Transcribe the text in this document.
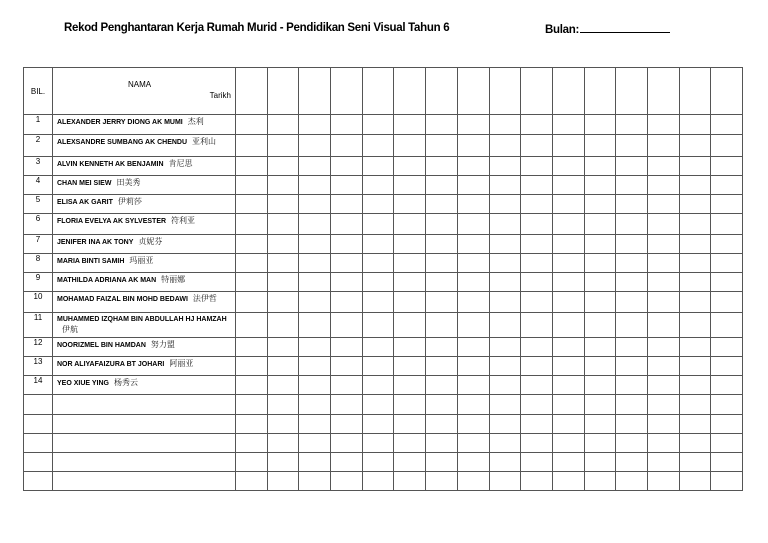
Rekod Penghantaran Kerja Rumah Murid - Pendidikan Seni Visual Tahun 6	Bulan:
BIL.	NAMA
Tarikh																

1	ALEXANDER JERRY DIONG AK MUMI 杰利																
2	ALEXSANDRE SUMBANG AK CHENDU 亚利山																
3	ALVIN KENNETH AK BENJAMIN 肯尼思																
4	CHAN MEI SIEW 田美秀																
5	ELISA AK GARIT 伊莉莎																
6	FLORIA EVELYA AK SYLVESTER 符利亚																
7	JENIFER INA AK TONY 贞妮芬																
8	MARIA BINTI SAMIH 玛丽亚																
9	MATHILDA ADRIANA AK MAN 特丽娜																
10	MOHAMAD FAIZAL BIN MOHD BEDAWI 法伊哲																
11	MUHAMMED IZQHAM BIN ABDULLAH HJ HAMZAH伊航																
12	NOORIZMEL BIN HAMDAN 努力盟																
13	NOR ALIYAFAIZURA BT JOHARI 阿丽亚																
14	YEO XIUE YING 杨秀云																
